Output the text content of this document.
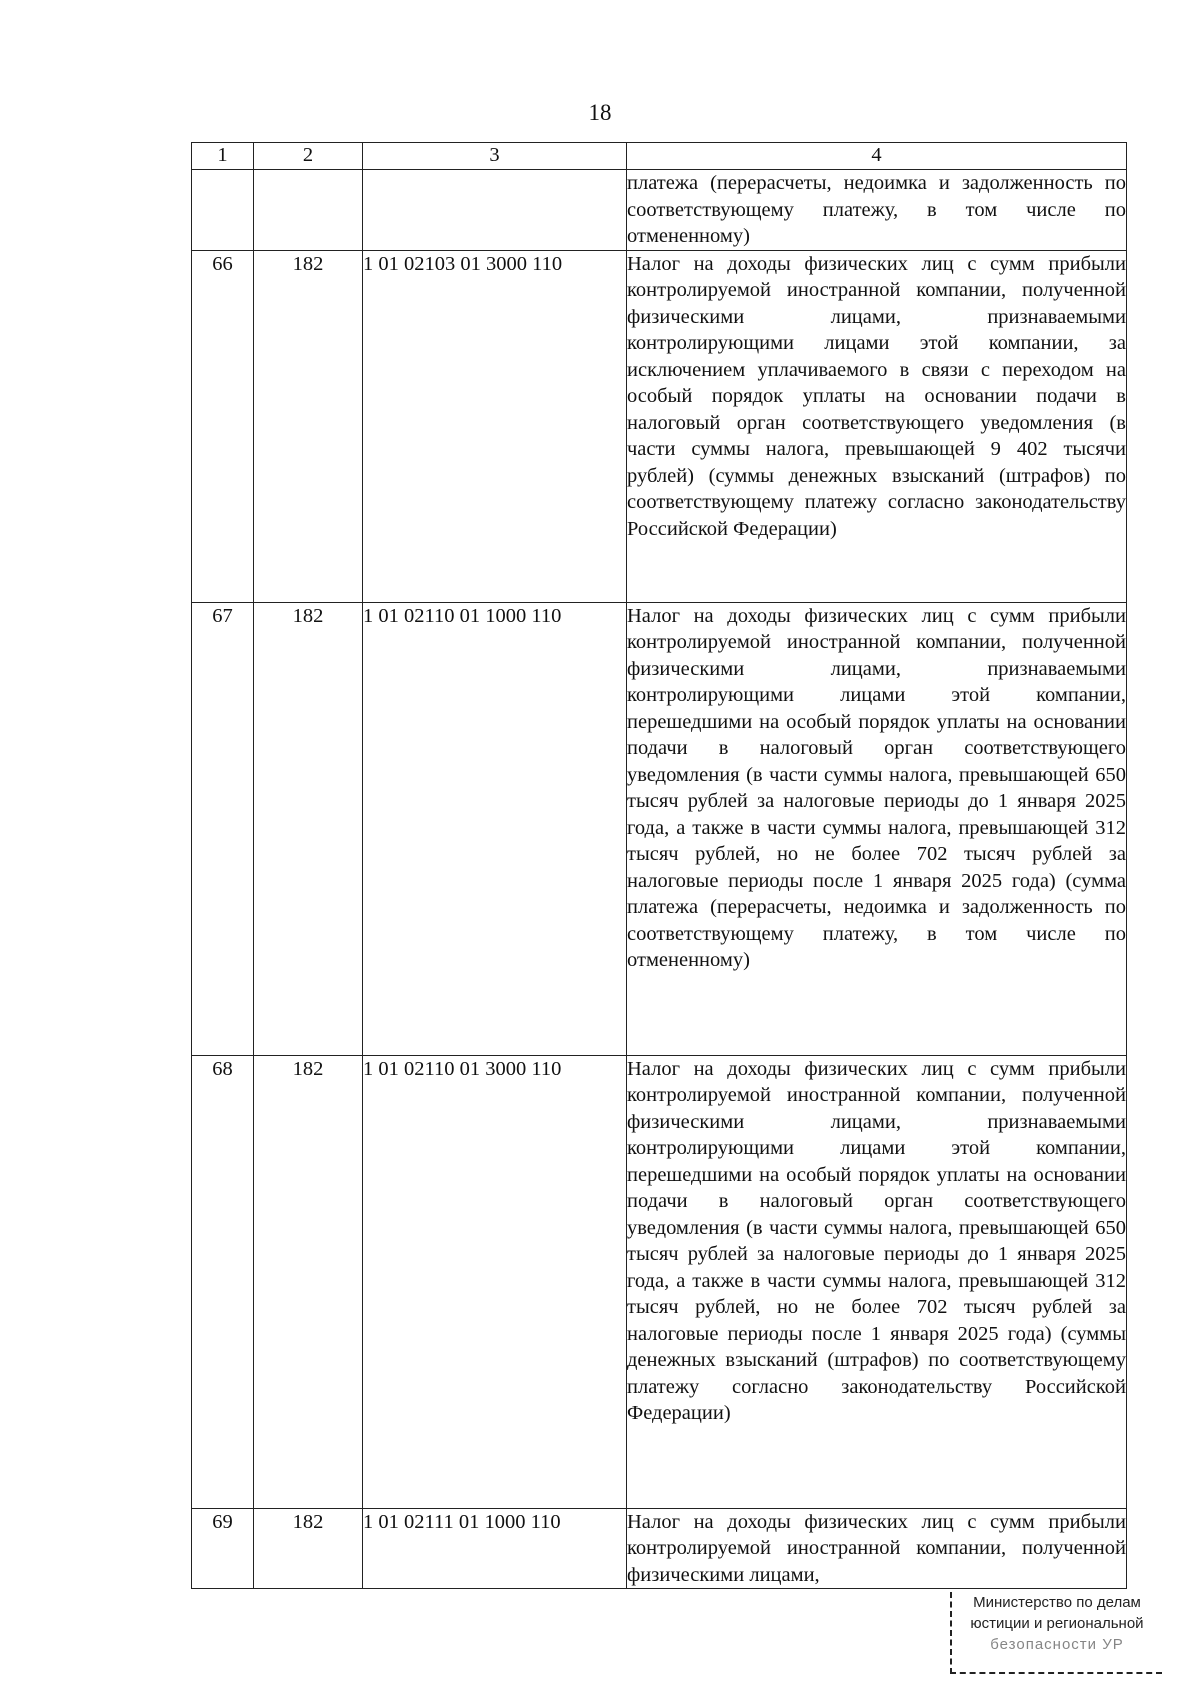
18
1	2	3	4

			платежа (перерасчеты, недоимка и задолженность по соответствующему платежу, в том числе по отмененному)

66	182	1 01 02103 01 3000 110	Налог на доходы физических лиц с сумм прибыли контролируемой иностранной компании, полученной физическими лицами, признаваемыми контролирующими лицами этой компании, за исключением уплачиваемого в связи с переходом на особый порядок уплаты на основании подачи в налоговый орган соответствующего уведомления (в части суммы налога, превышающей 9 402 тысячи рублей) (суммы денежных взысканий (штрафов) по соответствующему платежу согласно законодательству Российской Федерации)

67	182	1 01 02110 01 1000 110	Налог на доходы физических лиц с сумм прибыли контролируемой иностранной компании, полученной физическими лицами, признаваемыми контролирующими лицами этой компании, перешедшими на особый порядок уплаты на основании подачи в налоговый орган соответствующего уведомления (в части суммы налога, превышающей 650 тысяч рублей за налоговые периоды до 1 января 2025 года, а также в части суммы налога, превышающей 312 тысяч рублей, но не более 702 тысяч рублей за налоговые периоды после 1 января 2025 года) (сумма платежа (перерасчеты, недоимка и задолженность по соответствующему платежу, в том числе по отмененному)

68	182	1 01 02110 01 3000 110	Налог на доходы физических лиц с сумм прибыли контролируемой иностранной компании, полученной физическими лицами, признаваемыми контролирующими лицами этой компании, перешедшими на особый порядок уплаты на основании подачи в налоговый орган соответствующего уведомления (в части суммы налога, превышающей 650 тысяч рублей за налоговые периоды до 1 января 2025 года, а также в части суммы налога, превышающей 312 тысяч рублей, но не более 702 тысяч рублей за налоговые периоды после 1 января 2025 года) (суммы денежных взысканий (штрафов) по соответствующему платежу согласно законодательству Российской Федерации)

69	182	1 01 02111 01 1000 110	Налог на доходы физических лиц с сумм прибыли контролируемой иностранной компании, полученной физическими лицами,
Министерство по делам
юстиции и региональной
безопасности УР
